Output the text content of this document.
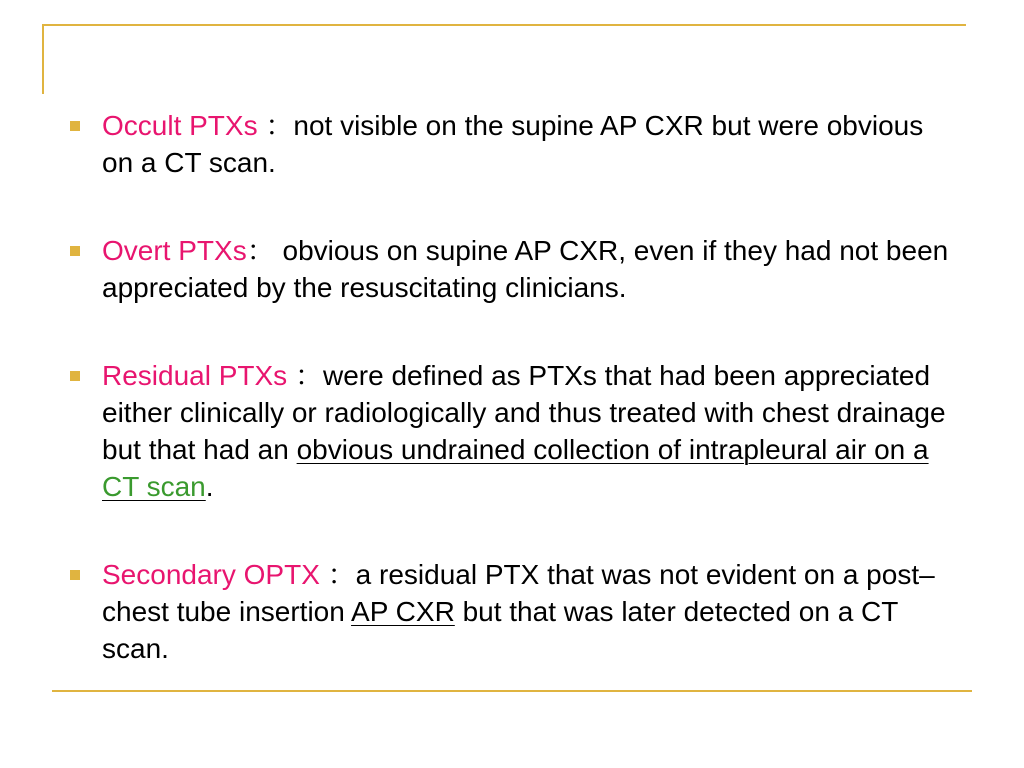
Occult PTXs ：not visible on the supine AP CXR but were obvious on a CT scan.
Overt PTXs： obvious on supine AP CXR, even if they had not been appreciated by the resuscitating clinicians.
Residual PTXs ：were defined as PTXs that had been appreciated either clinically or radiologically and thus treated with chest drainage but that had an obvious undrained collection of intrapleural air on a CT scan.
Secondary OPTX ：a residual PTX that was not evident on a post– chest tube insertion AP CXR but that was later detected on a CT scan.
